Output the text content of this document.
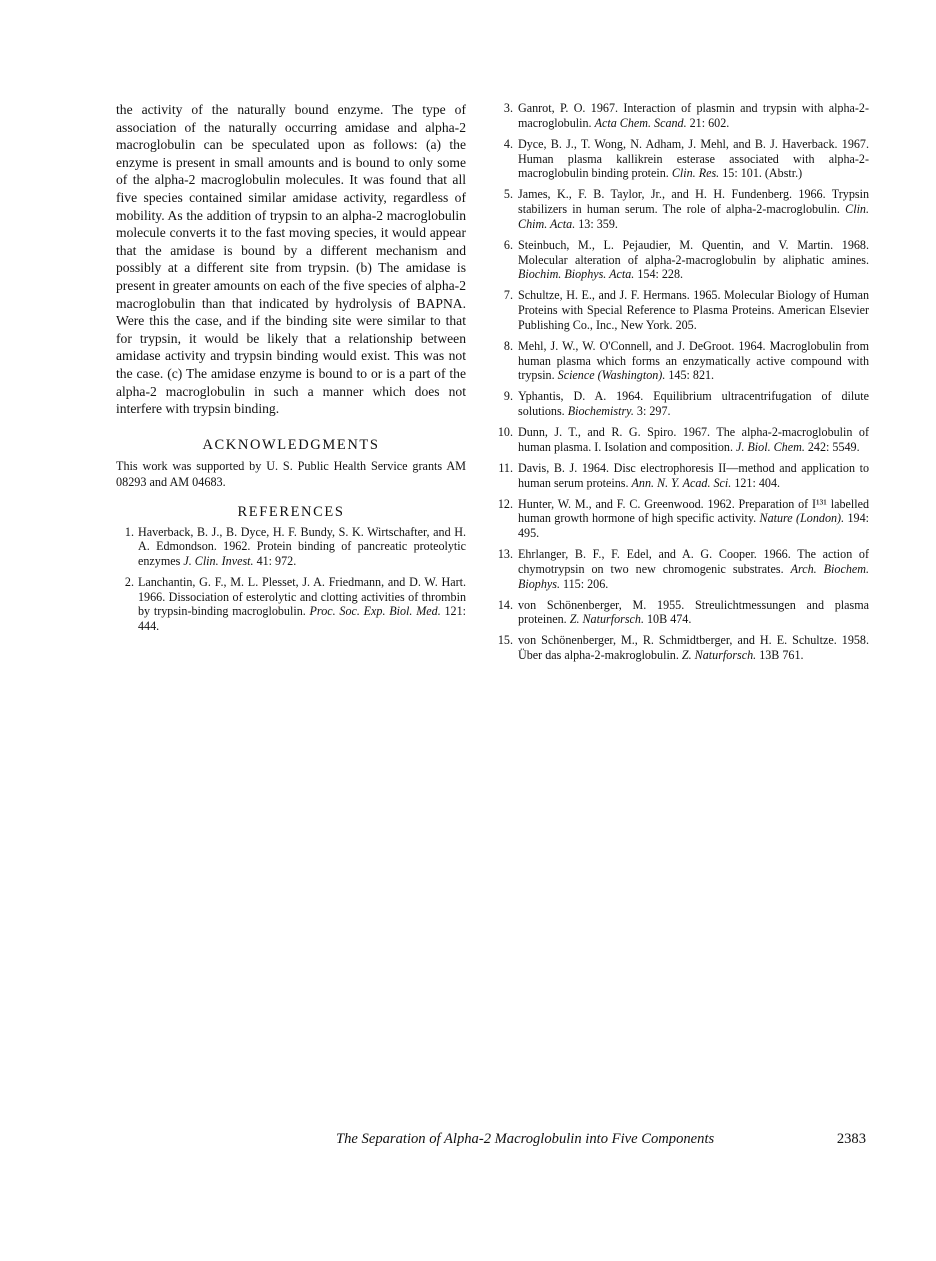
the activity of the naturally bound enzyme. The type of association of the naturally occurring amidase and alpha-2 macroglobulin can be speculated upon as follows: (a) the enzyme is present in small amounts and is bound to only some of the alpha-2 macroglobulin molecules. It was found that all five species contained similar amidase activity, regardless of mobility. As the addition of trypsin to an alpha-2 macroglobulin molecule converts it to the fast moving species, it would appear that the amidase is bound by a different mechanism and possibly at a different site from trypsin. (b) The amidase is present in greater amounts on each of the five species of alpha-2 macroglobulin than that indicated by hydrolysis of BAPNA. Were this the case, and if the binding site were similar to that for trypsin, it would be likely that a relationship between amidase activity and trypsin binding would exist. This was not the case. (c) The amidase enzyme is bound to or is a part of the alpha-2 macroglobulin in such a manner which does not interfere with trypsin binding.

ACKNOWLEDGMENTS

This work was supported by U. S. Public Health Service grants AM 08293 and AM 04683.

REFERENCES
1. Haverback, B. J., B. Dyce, H. F. Bundy, S. K. Wirtschafter, and H. A. Edmondson. 1962. Protein binding of pancreatic proteolytic enzymes J. Clin. Invest. 41: 972.
2. Lanchantin, G. F., M. L. Plesset, J. A. Friedmann, and D. W. Hart. 1966. Dissociation of esterolytic and clotting activities of thrombin by trypsin-binding macroglobulin. Proc. Soc. Exp. Biol. Med. 121: 444.
3. Ganrot, P. O. 1967. Interaction of plasmin and trypsin with alpha-2-macroglobulin. Acta Chem. Scand. 21: 602.
4. Dyce, B. J., T. Wong, N. Adham, J. Mehl, and B. J. Haverback. 1967. Human plasma kallikrein esterase associated with alpha-2-macroglobulin binding protein. Clin. Res. 15: 101. (Abstr.)
5. James, K., F. B. Taylor, Jr., and H. H. Fundenberg. 1966. Trypsin stabilizers in human serum. The role of alpha-2-macroglobulin. Clin. Chim. Acta. 13: 359.
6. Steinbuch, M., L. Pejaudier, M. Quentin, and V. Martin. 1968. Molecular alteration of alpha-2-macroglobulin by aliphatic amines. Biochim. Biophys. Acta. 154: 228.
7. Schultze, H. E., and J. F. Hermans. 1965. Molecular Biology of Human Proteins with Special Reference to Plasma Proteins. American Elsevier Publishing Co., Inc., New York. 205.
8. Mehl, J. W., W. O'Connell, and J. DeGroot. 1964. Macroglobulin from human plasma which forms an enzymatically active compound with trypsin. Science (Washington). 145: 821.
9. Yphantis, D. A. 1964. Equilibrium ultracentrifugation of dilute solutions. Biochemistry. 3: 297.
10. Dunn, J. T., and R. G. Spiro. 1967. The alpha-2-macroglobulin of human plasma. I. Isolation and composition. J. Biol. Chem. 242: 5549.
11. Davis, B. J. 1964. Disc electrophoresis II—method and application to human serum proteins. Ann. N. Y. Acad. Sci. 121: 404.
12. Hunter, W. M., and F. C. Greenwood. 1962. Preparation of I¹³¹ labelled human growth hormone of high specific activity. Nature (London). 194: 495.
13. Ehrlanger, B. F., F. Edel, and A. G. Cooper. 1966. The action of chymotrypsin on two new chromogenic substrates. Arch. Biochem. Biophys. 115: 206.
14. von Schönenberger, M. 1955. Streulichtmessungen and plasma proteinen. Z. Naturforsch. 10B 474.
15. von Schönenberger, M., R. Schmidtberger, and H. E. Schultze. 1958. Über das alpha-2-makroglobulin. Z. Naturforsch. 13B 761.
The Separation of Alpha-2 Macroglobulin into Five Components	2383
